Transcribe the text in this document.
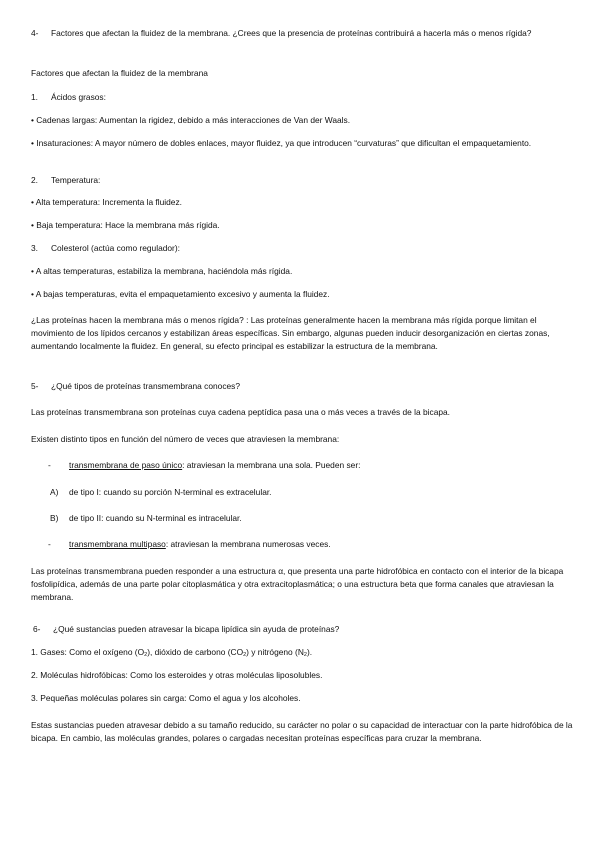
4- Factores que afectan la fluidez de la membrana. ¿Crees que la presencia de proteínas contribuirá a hacerla más o menos rígida?
Factores que afectan la fluidez de la membrana
1. Ácidos grasos:
• Cadenas largas: Aumentan la rigidez, debido a más interacciones de Van der Waals.
• Insaturaciones: A mayor número de dobles enlaces, mayor fluidez, ya que introducen “curvaturas” que dificultan el empaquetamiento.
2. Temperatura:
• Alta temperatura: Incrementa la fluidez.
• Baja temperatura: Hace la membrana más rígida.
3. Colesterol (actúa como regulador):
• A altas temperaturas, estabiliza la membrana, haciéndola más rígida.
• A bajas temperaturas, evita el empaquetamiento excesivo y aumenta la fluidez.
¿Las proteínas hacen la membrana más o menos rígida? : Las proteínas generalmente hacen la membrana más rígida porque limitan el movimiento de los lípidos cercanos y estabilizan áreas específicas. Sin embargo, algunas pueden inducir desorganización en ciertas zonas, aumentando localmente la fluidez. En general, su efecto principal es estabilizar la estructura de la membrana.
5- ¿Qué tipos de proteínas transmembrana conoces?
Las proteínas transmembrana son proteínas cuya cadena peptídica pasa una o más veces a través de la bicapa.
Existen distinto tipos en función del número de veces que atraviesen la membrana:
- transmembrana de paso único: atraviesan la membrana una sola. Pueden ser:
A) de tipo I: cuando su porción N-terminal es extracelular.
B) de tipo II: cuando su N-terminal es intracelular.
- transmembrana multipaso: atraviesan la membrana numerosas veces.
Las proteínas transmembrana pueden responder a una estructura α, que presenta una parte hidrofóbica en contacto con el interior de la bicapa fosfolipídica, además de una parte polar citoplasmática y otra extracitoplasmática; o una estructura beta que forma canales que atraviesan la membrana.
6- ¿Qué sustancias pueden atravesar la bicapa lipídica sin ayuda de proteínas?
1. Gases: Como el oxígeno $(O_2)$, dióxido de carbono $(CO_2)$ y nitrógeno $(N_2)$.
2. Moléculas hidrofóbicas: Como los esteroides y otras moléculas liposolubles.
3. Pequeñas moléculas polares sin carga: Como el agua y los alcoholes.
Estas sustancias pueden atravesar debido a su tamaño reducido, su carácter no polar o su capacidad de interactuar con la parte hidrofóbica de la bicapa. En cambio, las moléculas grandes, polares o cargadas necesitan proteínas específicas para cruzar la membrana.
